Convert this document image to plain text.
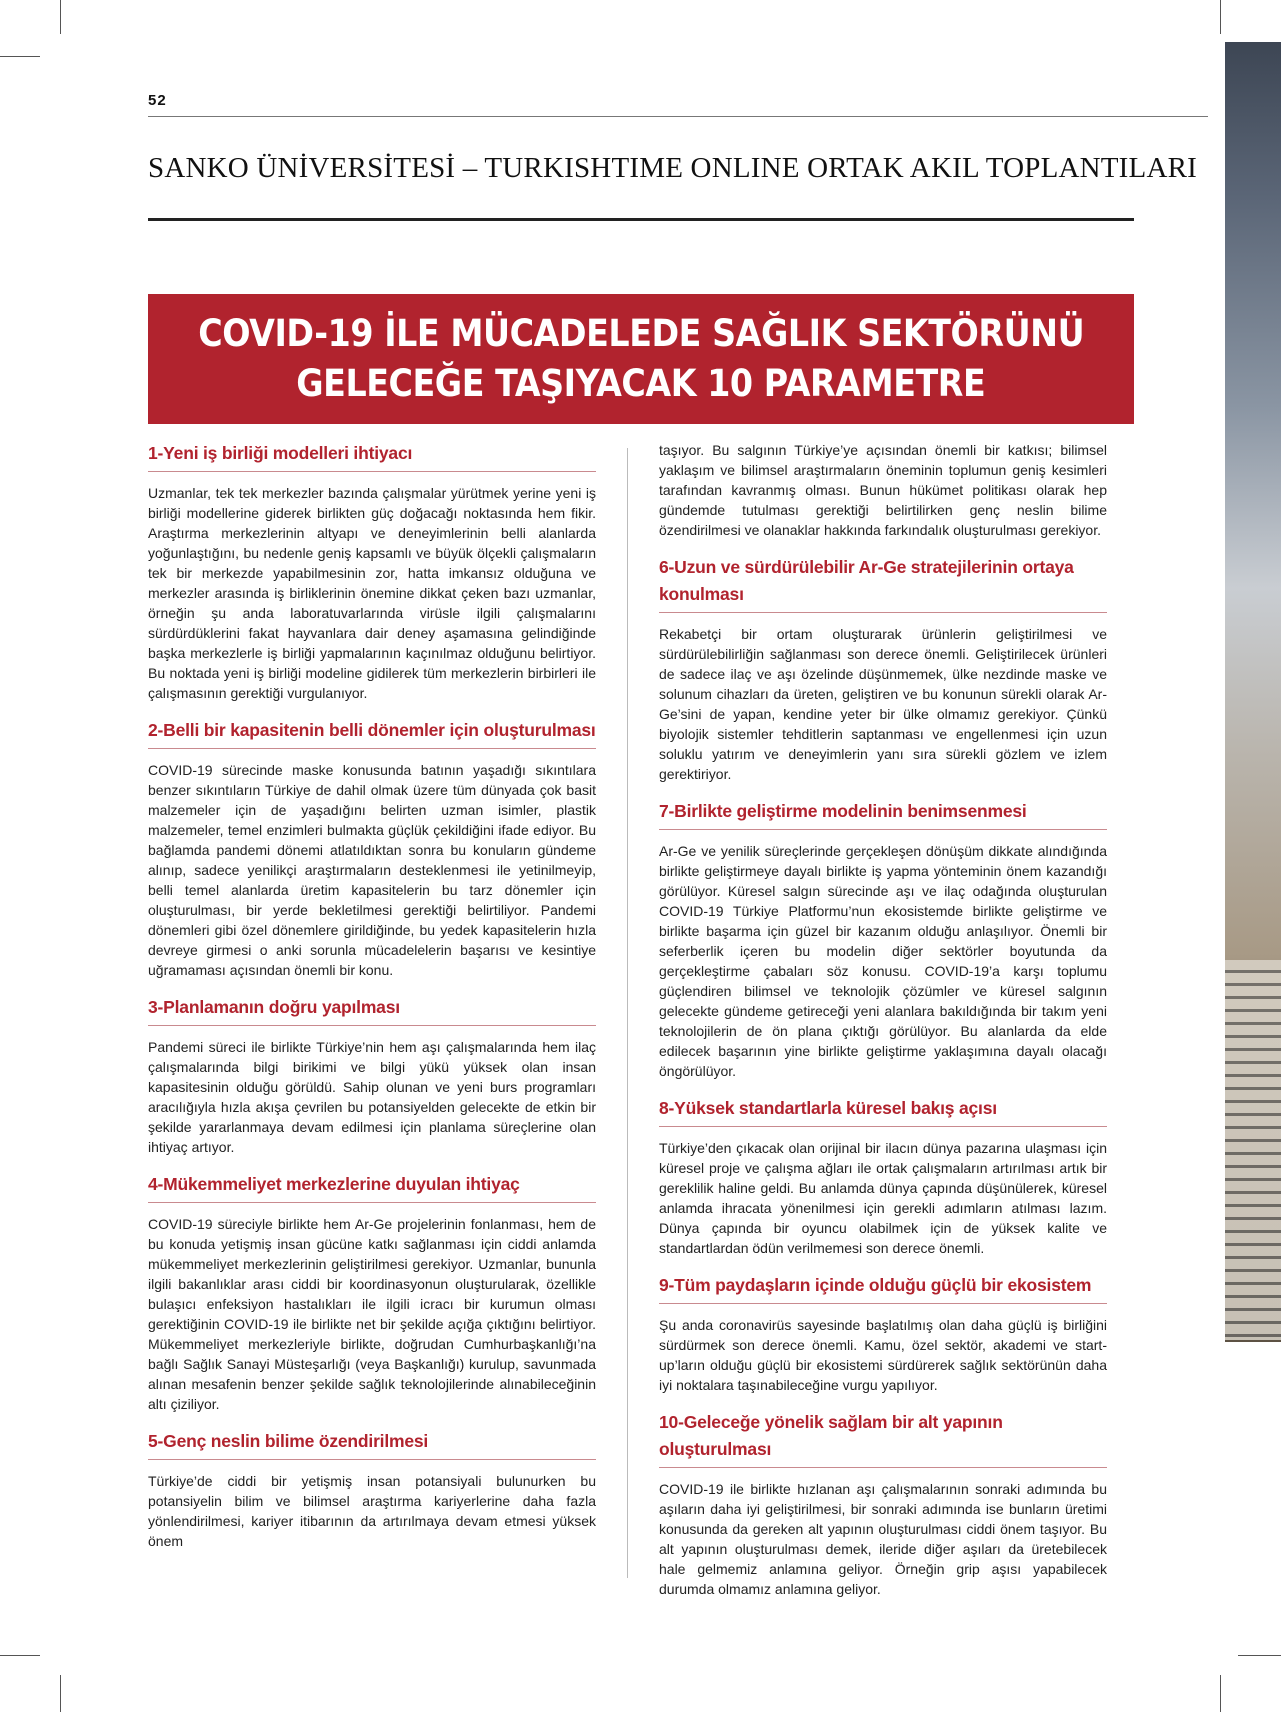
52
SANKO ÜNİVERSİTESİ – TURKISHTIME ONLINE ORTAK AKIL TOPLANTILARI
COVID-19 İLE MÜCADELEDE SAĞLIK SEKTÖRÜNÜ
GELECEĞE TAŞIYACAK 10 PARAMETRE
1-Yeni iş birliği modelleri ihtiyacı

Uzmanlar, tek tek merkezler bazında çalışmalar yürütmek yerine yeni iş birliği modellerine giderek birlikten güç doğacağı noktasında hem fikir. Araştırma merkezlerinin altyapı ve deneyimlerinin belli alanlarda yoğunlaştığını, bu nedenle geniş kapsamlı ve büyük ölçekli çalışmaların tek bir merkezde yapabilmesinin zor, hatta imkansız olduğuna ve merkezler arasında iş birliklerinin önemine dikkat çeken bazı uzmanlar, örneğin şu anda laboratuvarlarında virüsle ilgili çalışmalarını sürdürdüklerini fakat hayvanlara dair deney aşamasına gelindiğinde başka merkezlerle iş birliği yapmalarının kaçınılmaz olduğunu belirtiyor. Bu noktada yeni iş birliği modeline gidilerek tüm merkezlerin birbirleri ile çalışmasının gerektiği vurgulanıyor.

2-Belli bir kapasitenin belli dönemler için oluşturulması

COVID-19 sürecinde maske konusunda batının yaşadığı sıkıntılara benzer sıkıntıların Türkiye de dahil olmak üzere tüm dünyada çok basit malzemeler için de yaşadığını belirten uzman isimler, plastik malzemeler, temel enzimleri bulmakta güçlük çekildiğini ifade ediyor. Bu bağlamda pandemi dönemi atlatıldıktan sonra bu konuların gündeme alınıp, sadece yenilikçi araştırmaların desteklenmesi ile yetinilmeyip, belli temel alanlarda üretim kapasitelerin bu tarz dönemler için oluşturulması, bir yerde bekletilmesi gerektiği belirtiliyor. Pandemi dönemleri gibi özel dönemlere girildiğinde, bu yedek kapasitelerin hızla devreye girmesi o anki sorunla mücadelelerin başarısı ve kesintiye uğramaması açısından önemli bir konu.

3-Planlamanın doğru yapılması

Pandemi süreci ile birlikte Türkiye’nin hem aşı çalışmalarında hem ilaç çalışmalarında bilgi birikimi ve bilgi yükü yüksek olan insan kapasitesinin olduğu görüldü. Sahip olunan ve yeni burs programları aracılığıyla hızla akışa çevrilen bu potansiyelden gelecekte de etkin bir şekilde yararlanmaya devam edilmesi için planlama süreçlerine olan ihtiyaç artıyor.

4-Mükemmeliyet merkezlerine duyulan ihtiyaç

COVID-19 süreciyle birlikte hem Ar-Ge projelerinin fonlanması, hem de bu konuda yetişmiş insan gücüne katkı sağlanması için ciddi anlamda mükemmeliyet merkezlerinin geliştirilmesi gerekiyor. Uzmanlar, bununla ilgili bakanlıklar arası ciddi bir koordinasyonun oluşturularak, özellikle bulaşıcı enfeksiyon hastalıkları ile ilgili icracı bir kurumun olması gerektiğinin COVID-19 ile birlikte net bir şekilde açığa çıktığını belirtiyor. Mükemmeliyet merkezleriyle birlikte, doğrudan Cumhurbaşkanlığı’na bağlı Sağlık Sanayi Müsteşarlığı (veya Başkanlığı) kurulup, savunmada alınan mesafenin benzer şekilde sağlık teknolojilerinde alınabileceğinin altı çiziliyor.

5-Genç neslin bilime özendirilmesi

Türkiye’de ciddi bir yetişmiş insan potansiyali bulunurken bu potansiyelin bilim ve bilimsel araştırma kariyerlerine daha fazla yönlendirilmesi, kariyer itibarının da artırılmaya devam etmesi yüksek önem

taşıyor. Bu salgının Türkiye’ye açısından önemli bir katkısı; bilimsel yaklaşım ve bilimsel araştırmaların öneminin toplumun geniş kesimleri tarafından kavranmış olması. Bunun hükümet politikası olarak hep gündemde tutulması gerektiği belirtilirken genç neslin bilime özendirilmesi ve olanaklar hakkında farkındalık oluşturulması gerekiyor.

6-Uzun ve sürdürülebilir Ar-Ge stratejilerinin ortaya konulması

Rekabetçi bir ortam oluşturarak ürünlerin geliştirilmesi ve sürdürülebilirliğin sağlanması son derece önemli. Geliştirilecek ürünleri de sadece ilaç ve aşı özelinde düşünmemek, ülke nezdinde maske ve solunum cihazları da üreten, geliştiren ve bu konunun sürekli olarak Ar-Ge’sini de yapan, kendine yeter bir ülke olmamız gerekiyor. Çünkü biyolojik sistemler tehditlerin saptanması ve engellenmesi için uzun soluklu yatırım ve deneyimlerin yanı sıra sürekli gözlem ve izlem gerektiriyor.

7-Birlikte geliştirme modelinin benimsenmesi

Ar-Ge ve yenilik süreçlerinde gerçekleşen dönüşüm dikkate alındığında birlikte geliştirmeye dayalı birlikte iş yapma yönteminin önem kazandığı görülüyor. Küresel salgın sürecinde aşı ve ilaç odağında oluşturulan COVID-19 Türkiye Platformu’nun ekosistemde birlikte geliştirme ve birlikte başarma için güzel bir kazanım olduğu anlaşılıyor. Önemli bir seferberlik içeren bu modelin diğer sektörler boyutunda da gerçekleştirme çabaları söz konusu. COVID-19’a karşı toplumu güçlendiren bilimsel ve teknolojik çözümler ve küresel salgının gelecekte gündeme getireceği yeni alanlara bakıldığında bir takım yeni teknolojilerin de ön plana çıktığı görülüyor. Bu alanlarda da elde edilecek başarının yine birlikte geliştirme yaklaşımına dayalı olacağı öngörülüyor.

8-Yüksek standartlarla küresel bakış açısı

Türkiye’den çıkacak olan orijinal bir ilacın dünya pazarına ulaşması için küresel proje ve çalışma ağları ile ortak çalışmaların artırılması artık bir gereklilik haline geldi. Bu anlamda dünya çapında düşünülerek, küresel anlamda ihracata yönenilmesi için gerekli adımların atılması lazım. Dünya çapında bir oyuncu olabilmek için de yüksek kalite ve standartlardan ödün verilmemesi son derece önemli.

9-Tüm paydaşların içinde olduğu güçlü bir ekosistem

Şu anda coronavirüs sayesinde başlatılmış olan daha güçlü iş birliğini sürdürmek son derece önemli. Kamu, özel sektör, akademi ve start-up’ların olduğu güçlü bir ekosistemi sürdürerek sağlık sektörünün daha iyi noktalara taşınabileceğine vurgu yapılıyor.

10-Geleceğe yönelik sağlam bir alt yapının oluşturulması

COVID-19 ile birlikte hızlanan aşı çalışmalarının sonraki adımında bu aşıların daha iyi geliştirilmesi, bir sonraki adımında ise bunların üretimi konusunda da gereken alt yapının oluşturulması ciddi önem taşıyor. Bu alt yapının oluşturulması demek, ileride diğer aşıları da üretebilecek hale gelmemiz anlamına geliyor. Örneğin grip aşısı yapabilecek durumda olmamız anlamına geliyor.
